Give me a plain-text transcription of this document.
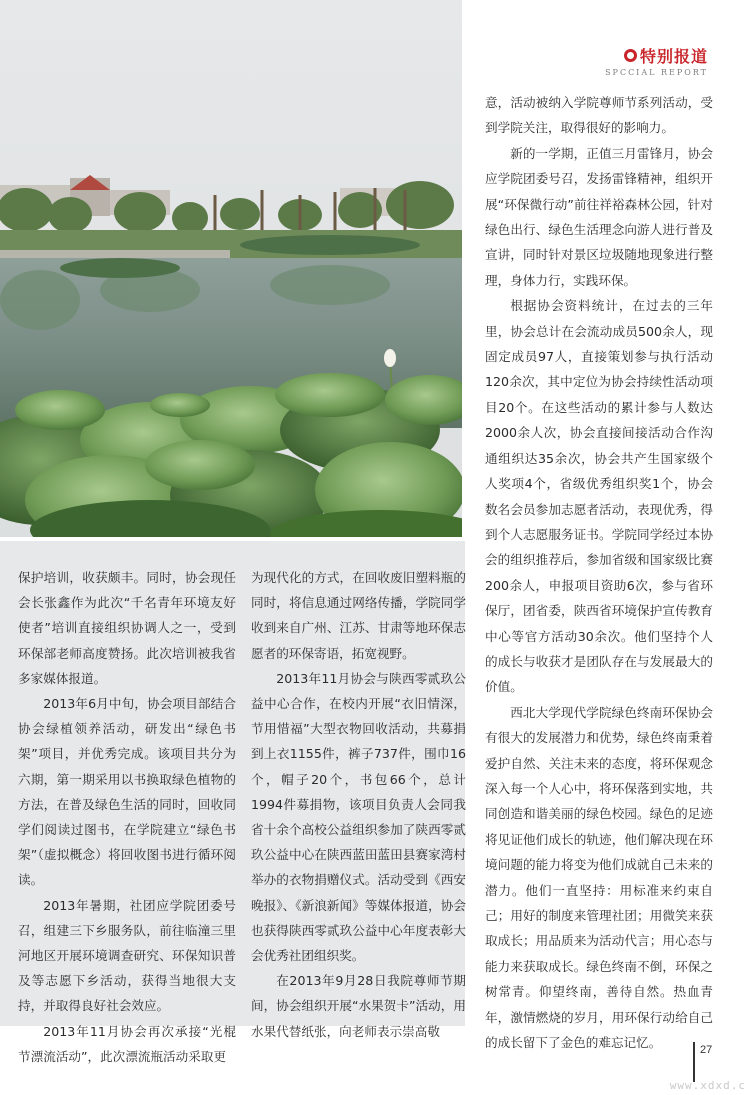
特别报道
SPCCIAL REPORT

意，活动被纳入学院尊师节系列活动，受到学院关注，取得很好的影响力。

新的一学期，正值三月雷锋月，协会应学院团委号召，发扬雷锋精神，组织开展“环保微行动”前往祥裕森林公园，针对绿色出行、绿色生活理念向游人进行普及宣讲，同时针对景区垃圾随地现象进行整理，身体力行，实践环保。

根据协会资料统计，在过去的三年里，协会总计在会流动成员500余人，现固定成员97人，直接策划参与执行活动120余次，其中定位为协会持续性活动项目20个。在这些活动的累计参与人数达2000余人次，协会直接间接活动合作沟通组织达35余次，协会共产生国家级个人奖项4个，省级优秀组织奖1个，协会数名会员参加志愿者活动，表现优秀，得到个人志愿服务证书。学院同学经过本协会的组织推荐后，参加省级和国家级比赛200余人，申报项目资助6次，参与省环保厅，团省委，陕西省环境保护宣传教育中心等官方活动30余次。他们坚持个人的成长与收获才是团队存在与发展最大的价值。

西北大学现代学院绿色终南环保协会有很大的发展潜力和优势，绿色终南秉着爱护自然、关注未来的态度，将环保观念深入每一个人心中，将环保落到实地，共同创造和谐美丽的绿色校园。绿色的足迹将见证他们成长的轨迹，他们解决现在环境问题的能力将变为他们成就自己未来的潜力。他们一直坚持：用标准来约束自己；用好的制度来管理社团；用微笑来获取成长；用品质来为活动代言；用心态与能力来获取成长。绿色终南不倒，环保之树常青。仰望终南，善待自然。热血青年，激情燃烧的岁月，用环保行动给自己的成长留下了金色的难忘记忆。

保护培训，收获颇丰。同时，协会现任会长张鑫作为此次“千名青年环境友好使者”培训直接组织协调人之一，受到环保部老师高度赞扬。此次培训被我省多家媒体报道。

2013年6月中旬，协会项目部结合协会绿植领养活动，研发出“绿色书架”项目，并优秀完成。该项目共分为六期，第一期采用以书换取绿色植物的方法，在普及绿色生活的同时，回收同学们阅读过图书，在学院建立“绿色书架”（虚拟概念）将回收图书进行循环阅读。

2013年暑期，社团应学院团委号召，组建三下乡服务队，前往临潼三里河地区开展环境调查研究、环保知识普及等志愿下乡活动，获得当地很大支持，并取得良好社会效应。

2013年11月协会再次承接“光棍节漂流活动”，此次漂流瓶活动采取更

为现代化的方式，在回收废旧塑料瓶的同时，将信息通过网络传播，学院同学收到来自广州、江苏、甘肃等地环保志愿者的环保寄语，拓宽视野。

2013年11月协会与陕西零贰玖公益中心合作，在校内开展“衣旧情深，节用惜福”大型衣物回收活动，共募捐到上衣1155件，裤子737件，围巾16个，帽子20个，书包66个，总计1994件募捐物，该项目负责人会同我省十余个高校公益组织参加了陕西零贰玖公益中心在陕西蓝田蓝田县赛家湾村举办的衣物捐赠仪式。活动受到《西安晚报》、《新浪新闻》等媒体报道，协会也获得陕西零贰玖公益中心年度表彰大会优秀社团组织奖。

在2013年9月28日我院尊师节期间，协会组织开展“水果贺卡”活动，用水果代替纸张，向老师表示崇高敬

27
www.xdxd.c
